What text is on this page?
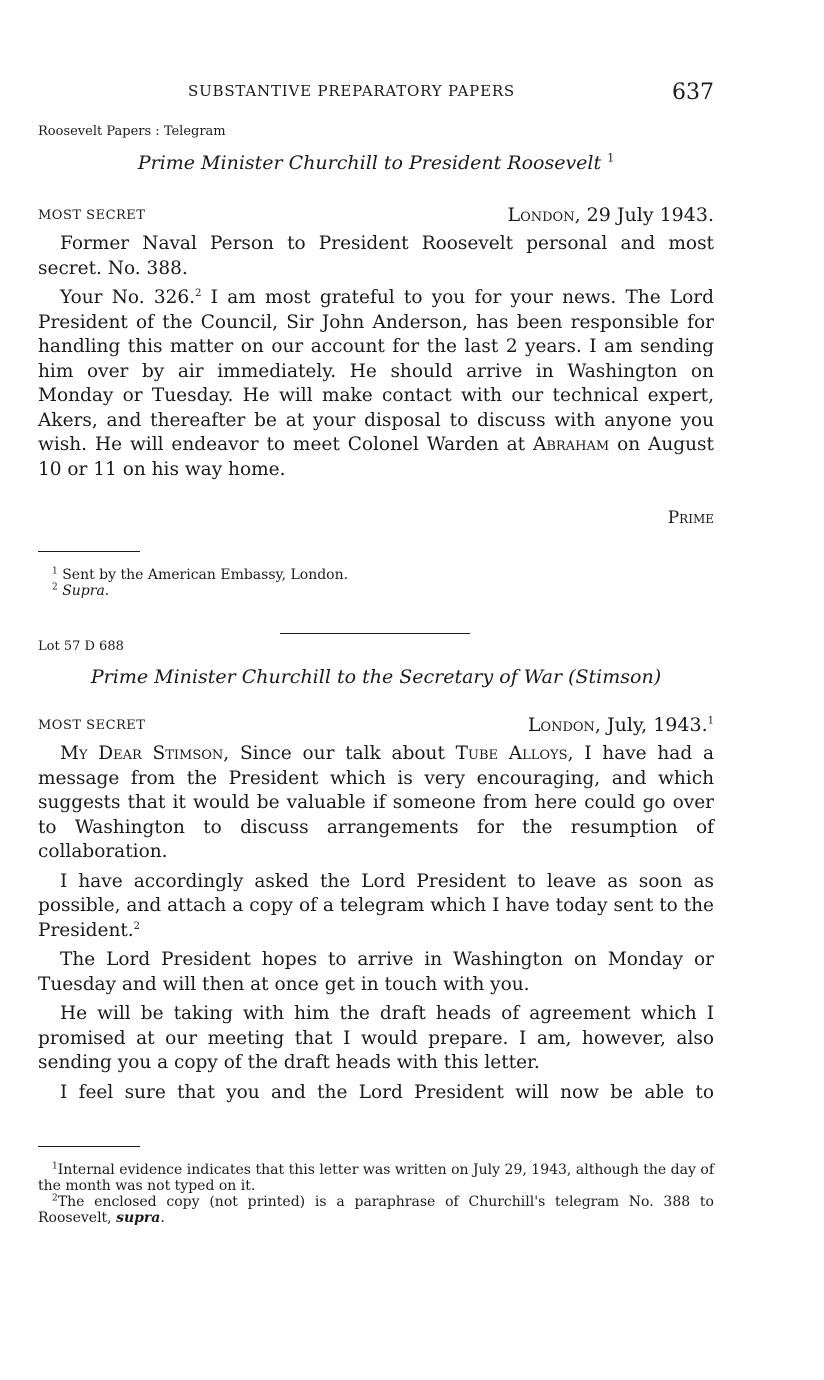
SUBSTANTIVE PREPARATORY PAPERS	637
Roosevelt Papers : Telegram
Prime Minister Churchill to President Roosevelt $^1$
MOST SECRET	London, 29 July 1943.

Former Naval Person to President Roosevelt personal and most secret. No. 388.

Your No. 326.$^2$ I am most grateful to you for your news. The Lord President of the Council, Sir John Anderson, has been responsible for handling this matter on our account for the last 2 years. I am sending him over by air immediately. He should arrive in Washington on Monday or Tuesday. He will make contact with our technical expert, Akers, and thereafter be at your disposal to discuss with anyone you wish. He will endeavor to meet Colonel Warden at Abraham on August 10 or 11 on his way home.

Prime

$^1$ Sent by the American Embassy, London.

$^2$ Supra.

Lot 57 D 688
Prime Minister Churchill to the Secretary of War (Stimson)
MOST SECRET	London, July, 1943.$^1$

My Dear Stimson, Since our talk about Tube Alloys, I have had a message from the President which is very encouraging, and which suggests that it would be valuable if someone from here could go over to Washington to discuss arrangements for the resumption of collaboration.

I have accordingly asked the Lord President to leave as soon as possible, and attach a copy of a telegram which I have today sent to the President.$^2$

The Lord President hopes to arrive in Washington on Monday or Tuesday and will then at once get in touch with you.

He will be taking with him the draft heads of agreement which I promised at our meeting that I would prepare. I am, however, also sending you a copy of the draft heads with this letter.

I feel sure that you and the Lord President will now be able to

$^1$Internal evidence indicates that this letter was written on July 29, 1943, although the day of the month was not typed on it.

$^2$The enclosed copy (not printed) is a paraphrase of Churchill's telegram No. 388 to Roosevelt, supra.
